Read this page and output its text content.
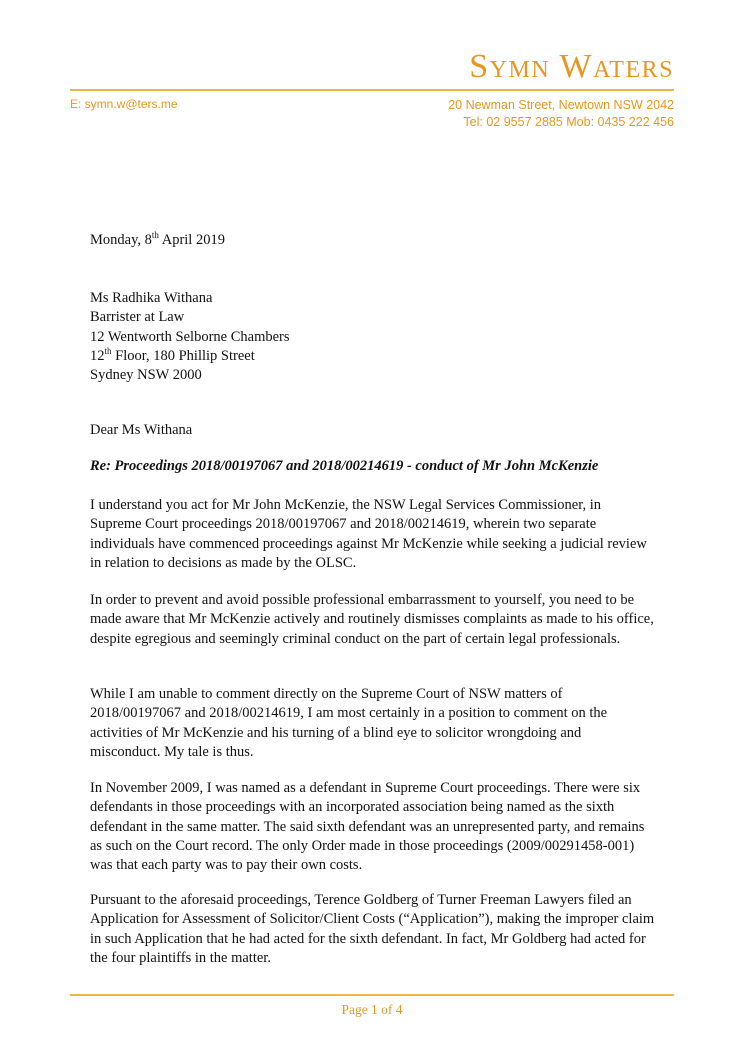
Symn Waters
E: symn.w@ters.me	20 Newman Street, Newtown NSW 2042
Tel: 02 9557 2885 Mob: 0435 222 456
Monday, 8th April 2019
Ms Radhika Withana
Barrister at Law
12 Wentworth Selborne Chambers
12th Floor, 180 Phillip Street
Sydney NSW 2000
Dear Ms Withana
Re: Proceedings 2018/00197067 and 2018/00214619 - conduct of Mr John McKenzie

I understand you act for Mr John McKenzie, the NSW Legal Services Commissioner, in Supreme Court proceedings 2018/00197067 and 2018/00214619, wherein two separate individuals have commenced proceedings against Mr McKenzie while seeking a judicial review in relation to decisions as made by the OLSC.

In order to prevent and avoid possible professional embarrassment to yourself, you need to be made aware that Mr McKenzie actively and routinely dismisses complaints as made to his office, despite egregious and seemingly criminal conduct on the part of certain legal professionals.

While I am unable to comment directly on the Supreme Court of NSW matters of 2018/00197067 and 2018/00214619, I am most certainly in a position to comment on the activities of Mr McKenzie and his turning of a blind eye to solicitor wrongdoing and misconduct. My tale is thus.

In November 2009, I was named as a defendant in Supreme Court proceedings. There were six defendants in those proceedings with an incorporated association being named as the sixth defendant in the same matter. The said sixth defendant was an unrepresented party, and remains as such on the Court record. The only Order made in those proceedings (2009/00291458-001) was that each party was to pay their own costs.

Pursuant to the aforesaid proceedings, Terence Goldberg of Turner Freeman Lawyers filed an Application for Assessment of Solicitor/Client Costs (“Application”), making the improper claim in such Application that he had acted for the sixth defendant. In fact, Mr Goldberg had acted for the four plaintiffs in the matter.

Page 1 of 4
